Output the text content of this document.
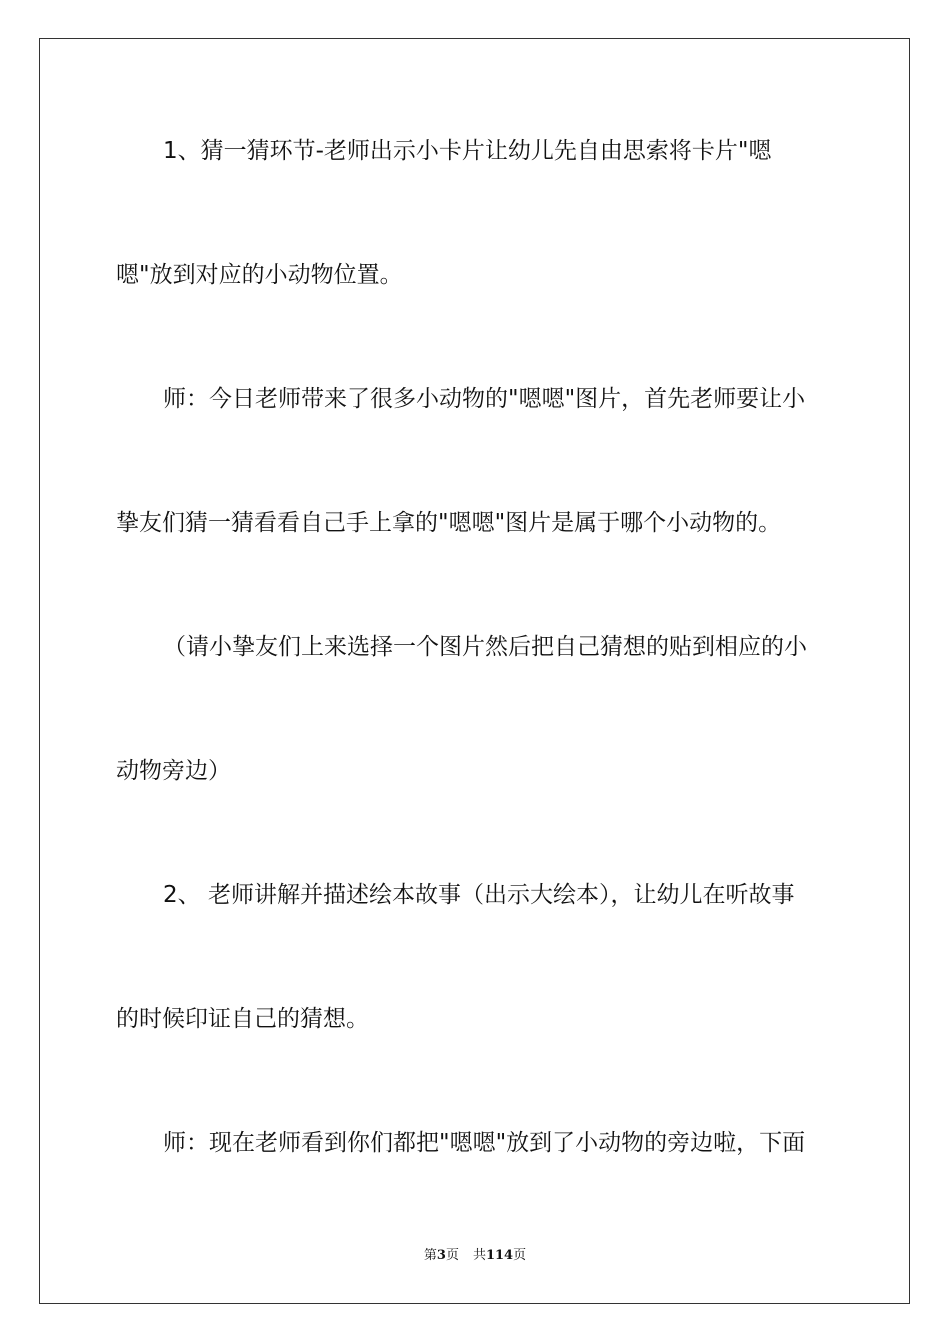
1、猜一猜环节-老师出示小卡片让幼儿先自由思索将卡片"嗯

嗯"放到对应的小动物位置。

师：今日老师带来了很多小动物的"嗯嗯"图片，首先老师要让小

挚友们猜一猜看看自己手上拿的"嗯嗯"图片是属于哪个小动物的。

（请小挚友们上来选择一个图片然后把自己猜想的贴到相应的小

动物旁边）

2、 老师讲解并描述绘本故事（出示大绘本），让幼儿在听故事

的时候印证自己的猜想。

师：现在老师看到你们都把"嗯嗯"放到了小动物的旁边啦，下面

第3页 共114页
